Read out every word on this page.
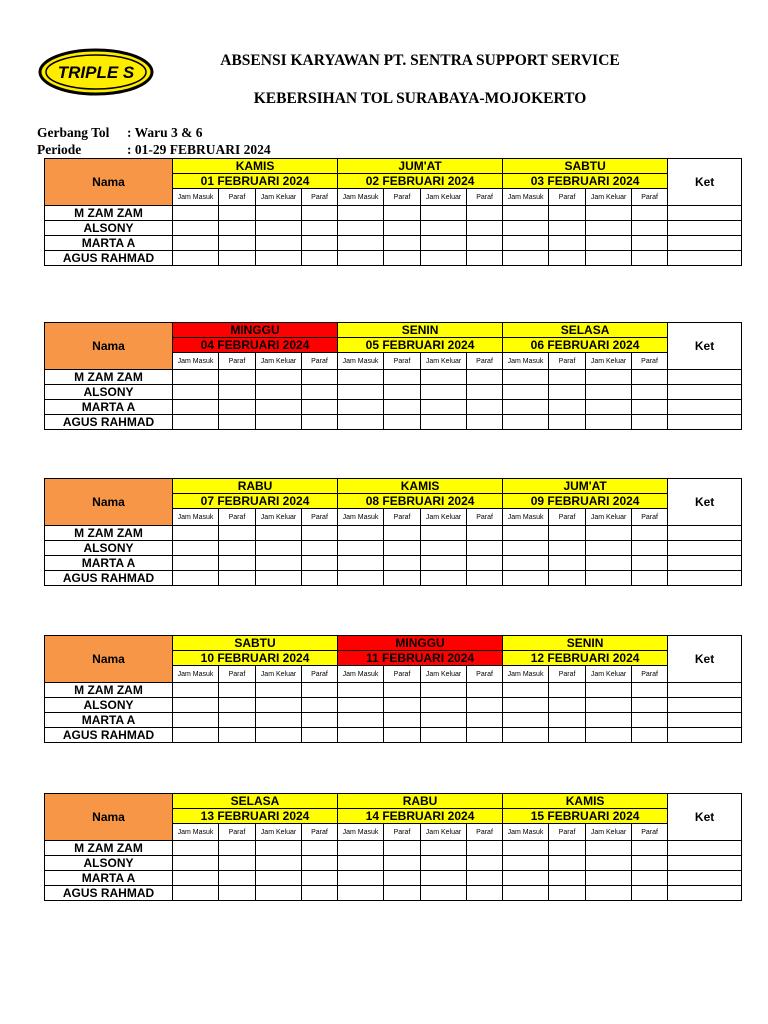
TRIPLE S
ABSENSI KARYAWAN PT. SENTRA SUPPORT SERVICE
KEBERSIHAN TOL SURABAYA-MOJOKERTO
Gerbang Tol : Waru 3 & 6
Periode	: 01-29 FEBRUARI 2024
Nama	KAMIS				JUM'AT				SABTU				Ket
	01 FEBRUARI 2024				02 FEBRUARI 2024				03 FEBRUARI 2024				
	Jam Masuk	Paraf	Jam Keluar	Paraf	Jam Masuk	Paraf	Jam Keluar	Paraf	Jam Masuk	Paraf	Jam Keluar	Paraf	
M ZAM ZAM													
ALSONY													
MARTA A													
AGUS RAHMAD													
Nama	MINGGU				SENIN				SELASA				Ket
	04 FEBRUARI 2024				05 FEBRUARI 2024				06 FEBRUARI 2024				
	Jam Masuk	Paraf	Jam Keluar	Paraf	Jam Masuk	Paraf	Jam Keluar	Paraf	Jam Masuk	Paraf	Jam Keluar	Paraf	
M ZAM ZAM													
ALSONY													
MARTA A													
AGUS RAHMAD													
Nama	RABU				KAMIS				JUM'AT				Ket
	07 FEBRUARI 2024				08 FEBRUARI 2024				09 FEBRUARI 2024				
	Jam Masuk	Paraf	Jam Keluar	Paraf	Jam Masuk	Paraf	Jam Keluar	Paraf	Jam Masuk	Paraf	Jam Keluar	Paraf	
M ZAM ZAM													
ALSONY													
MARTA A													
AGUS RAHMAD													
Nama	SABTU				MINGGU				SENIN				Ket
	10 FEBRUARI 2024				11 FEBRUARI 2024				12 FEBRUARI 2024				
	Jam Masuk	Paraf	Jam Keluar	Paraf	Jam Masuk	Paraf	Jam Keluar	Paraf	Jam Masuk	Paraf	Jam Keluar	Paraf	
M ZAM ZAM													
ALSONY													
MARTA A													
AGUS RAHMAD													
Nama	SELASA				RABU				KAMIS				Ket
	13 FEBRUARI 2024				14 FEBRUARI 2024				15 FEBRUARI 2024				
	Jam Masuk	Paraf	Jam Keluar	Paraf	Jam Masuk	Paraf	Jam Keluar	Paraf	Jam Masuk	Paraf	Jam Keluar	Paraf	
M ZAM ZAM													
ALSONY													
MARTA A													
AGUS RAHMAD													
